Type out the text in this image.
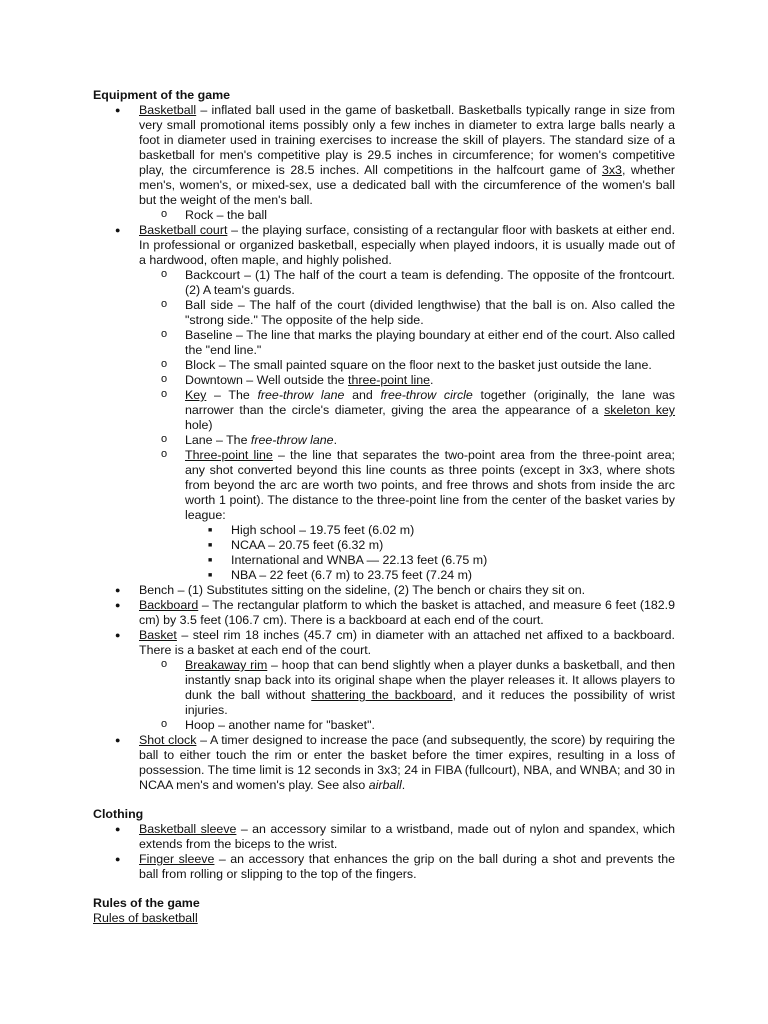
Equipment of the game

● Basketball – inflated ball used in the game of basketball. Basketballs typically range in size from very small promotional items possibly only a few inches in diameter to extra large balls nearly a foot in diameter used in training exercises to increase the skill of players. The standard size of a basketball for men's competitive play is 29.5 inches in circumference; for women's competitive play, the circumference is 28.5 inches. All competitions in the halfcourt game of 3x3, whether men's, women's, or mixed-sex, use a dedicated ball with the circumference of the women's ball but the weight of the men's ball.
o Rock – the ball
● Basketball court – the playing surface, consisting of a rectangular floor with baskets at either end. In professional or organized basketball, especially when played indoors, it is usually made out of a hardwood, often maple, and highly polished.
o Backcourt – (1) The half of the court a team is defending. The opposite of the frontcourt. (2) A team's guards.
o Ball side – The half of the court (divided lengthwise) that the ball is on. Also called the "strong side." The opposite of the help side.
o Baseline – The line that marks the playing boundary at either end of the court. Also called the "end line."
o Block – The small painted square on the floor next to the basket just outside the lane.
o Downtown – Well outside the three-point line.
o Key – The free-throw lane and free-throw circle together (originally, the lane was narrower than the circle's diameter, giving the area the appearance of a skeleton key hole)
o Lane – The free-throw lane.
o Three-point line – the line that separates the two-point area from the three-point area; any shot converted beyond this line counts as three points (except in 3x3, where shots from beyond the arc are worth two points, and free throws and shots from inside the arc worth 1 point). The distance to the three-point line from the center of the basket varies by league:
■ High school – 19.75 feet (6.02 m)
■ NCAA – 20.75 feet (6.32 m)
■ International and WNBA — 22.13 feet (6.75 m)
■ NBA – 22 feet (6.7 m) to 23.75 feet (7.24 m)
● Bench – (1) Substitutes sitting on the sideline, (2) The bench or chairs they sit on.
● Backboard – The rectangular platform to which the basket is attached, and measure 6 feet (182.9 cm) by 3.5 feet (106.7 cm). There is a backboard at each end of the court.
● Basket – steel rim 18 inches (45.7 cm) in diameter with an attached net affixed to a backboard. There is a basket at each end of the court.
o Breakaway rim – hoop that can bend slightly when a player dunks a basketball, and then instantly snap back into its original shape when the player releases it. It allows players to dunk the ball without shattering the backboard, and it reduces the possibility of wrist injuries.
o Hoop – another name for "basket".
● Shot clock – A timer designed to increase the pace (and subsequently, the score) by requiring the ball to either touch the rim or enter the basket before the timer expires, resulting in a loss of possession. The time limit is 12 seconds in 3x3; 24 in FIBA (fullcourt), NBA, and WNBA; and 30 in NCAA men's and women's play. See also airball.

Clothing

● Basketball sleeve – an accessory similar to a wristband, made out of nylon and spandex, which extends from the biceps to the wrist.
● Finger sleeve – an accessory that enhances the grip on the ball during a shot and prevents the ball from rolling or slipping to the top of the fingers.

Rules of the game

Rules of basketball
